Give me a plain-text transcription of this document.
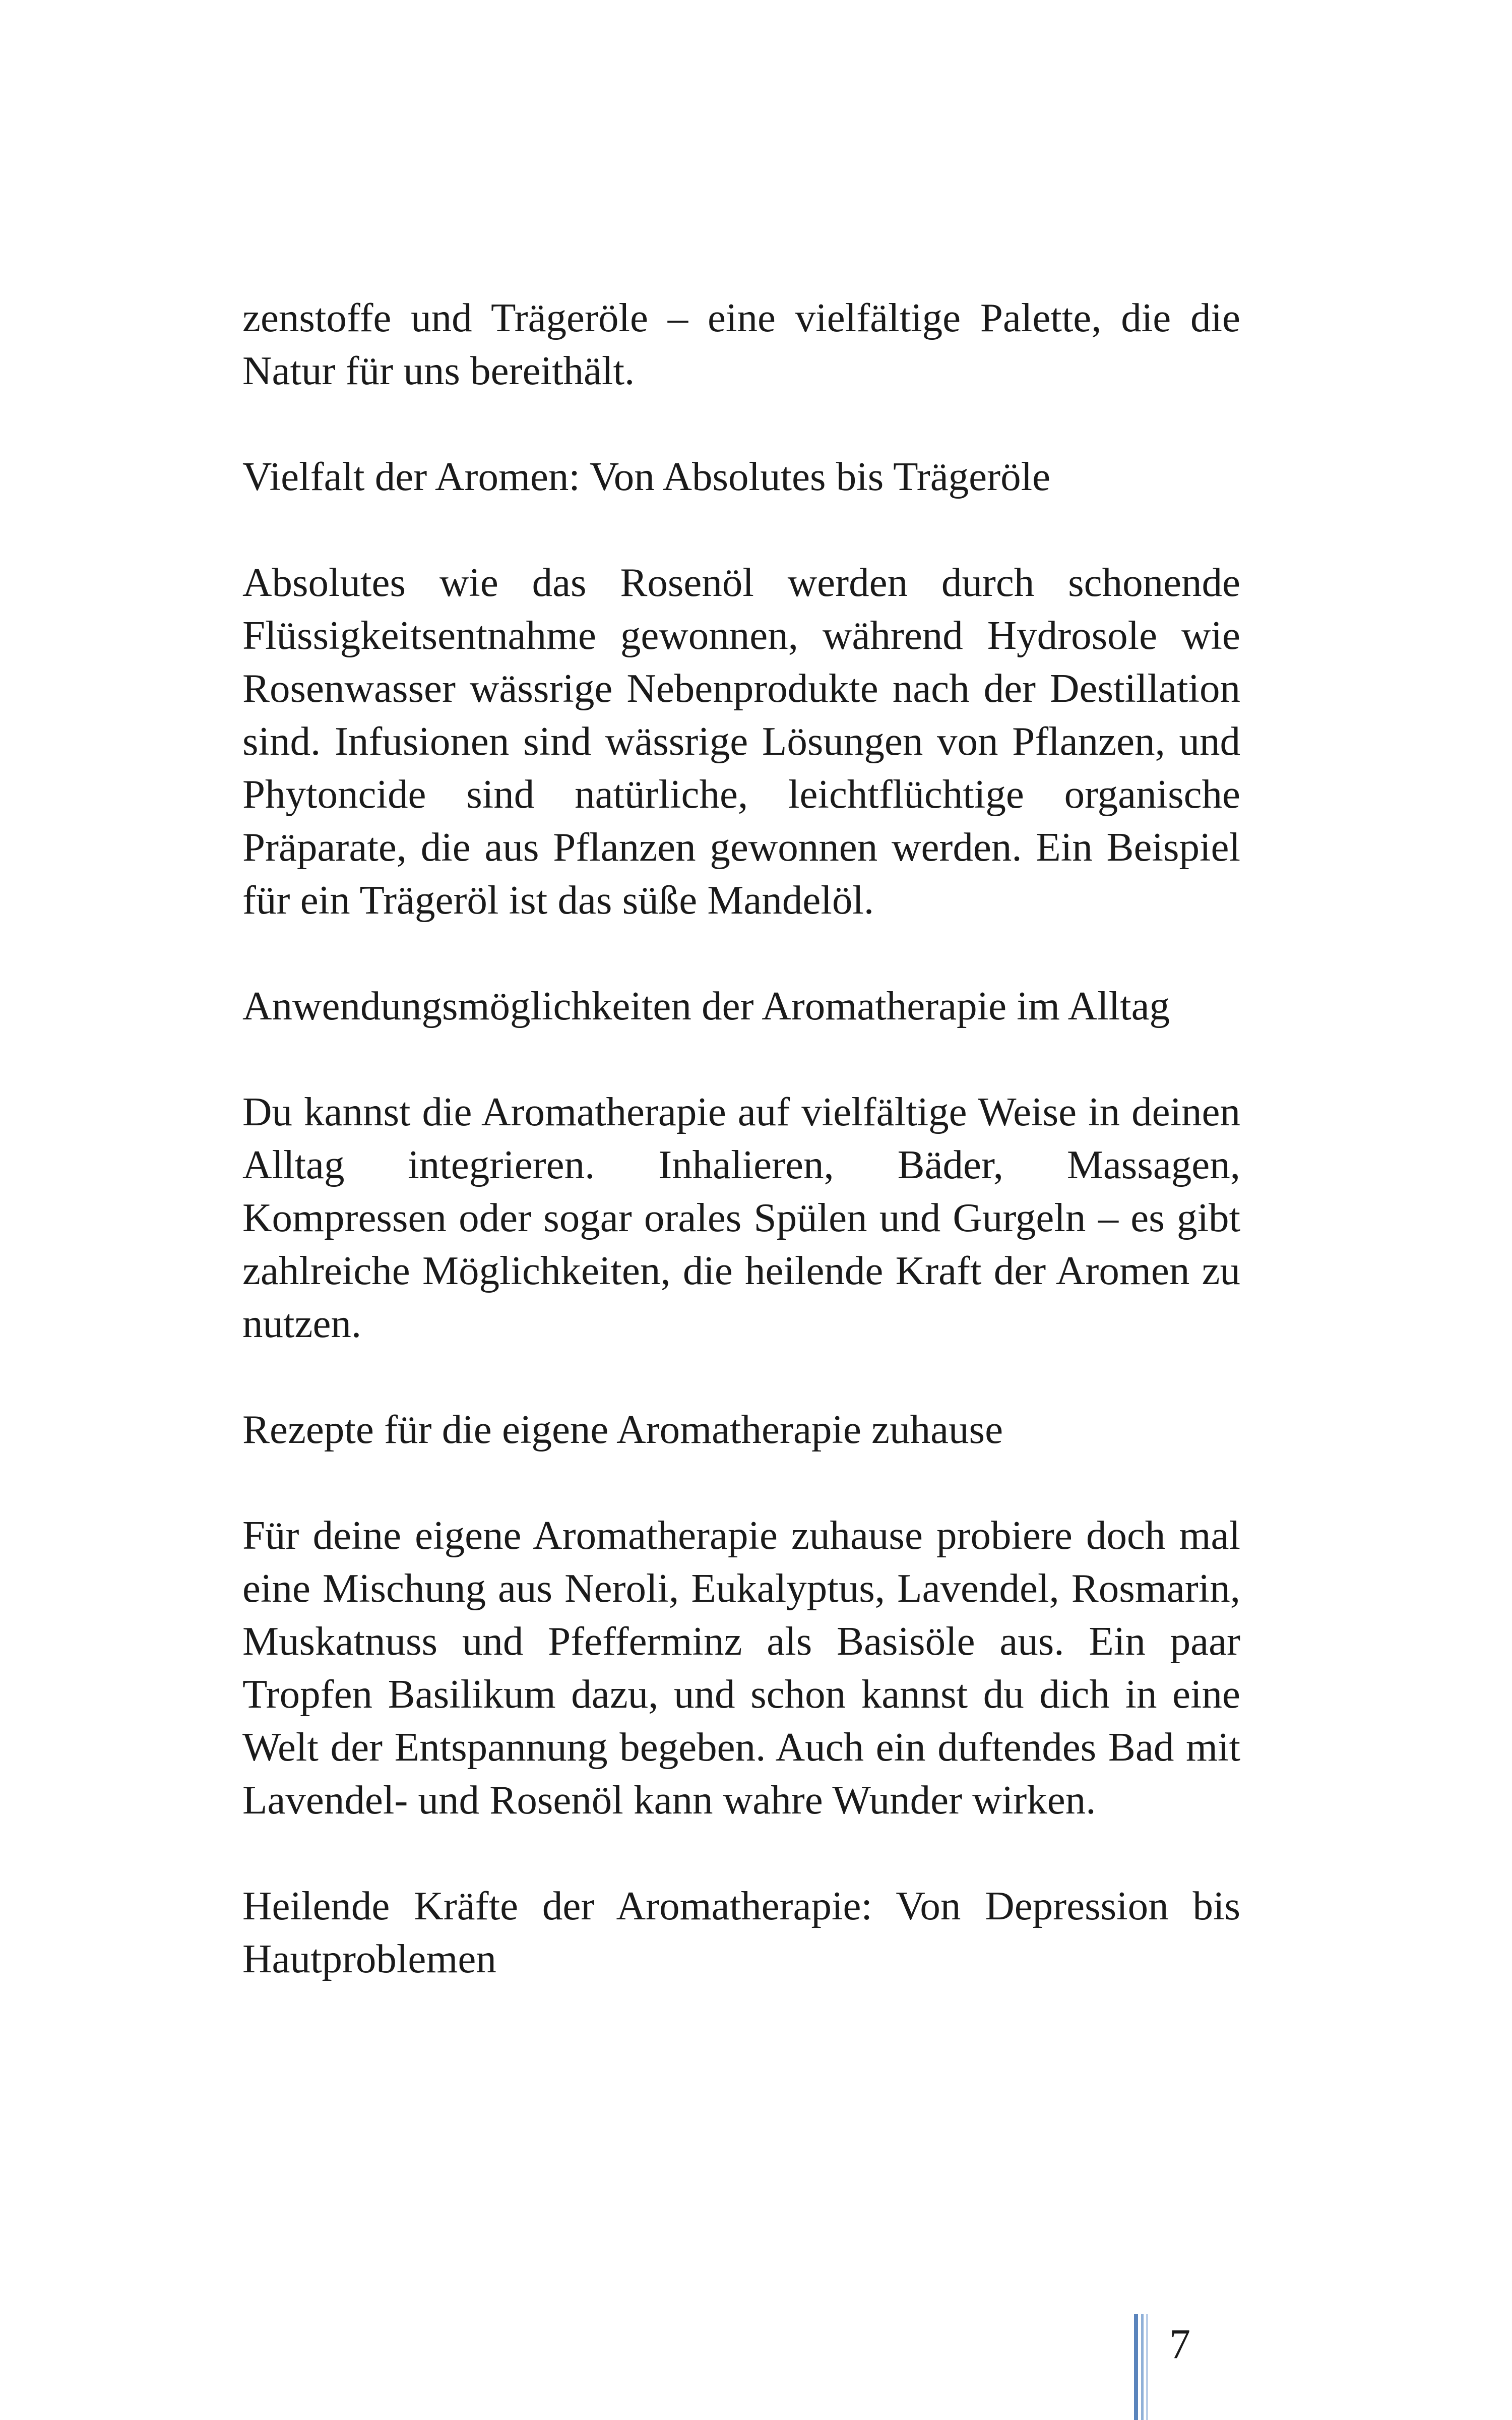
zenstoffe und Trägeröle – eine vielfältige Palette, die die Natur für uns bereithält.

Vielfalt der Aromen: Von Absolutes bis Trägeröle

Absolutes wie das Rosenöl werden durch schonende Flüssigkeitsentnahme gewonnen, während Hydrosole wie Rosenwasser wässrige Nebenprodukte nach der Destillation sind. Infusionen sind wässrige Lösungen von Pflanzen, und Phytoncide sind natürliche, leichtflüchtige organische Präparate, die aus Pflanzen gewonnen werden. Ein Beispiel für ein Trägeröl ist das süße Mandelöl.

Anwendungsmöglichkeiten der Aromatherapie im Alltag

Du kannst die Aromatherapie auf vielfältige Weise in deinen Alltag integrieren. Inhalieren, Bäder, Massagen, Kompressen oder sogar orales Spülen und Gurgeln – es gibt zahlreiche Möglichkeiten, die heilende Kraft der Aromen zu nutzen.

Rezepte für die eigene Aromatherapie zuhause

Für deine eigene Aromatherapie zuhause probiere doch mal eine Mischung aus Neroli, Eukalyptus, Lavendel, Rosmarin, Muskatnuss und Pfefferminz als Basisöle aus. Ein paar Tropfen Basilikum dazu, und schon kannst du dich in eine Welt der Entspannung begeben. Auch ein duftendes Bad mit Lavendel- und Rosenöl kann wahre Wunder wirken.

Heilende Kräfte der Aromatherapie: Von Depression bis Hautproblemen

7
